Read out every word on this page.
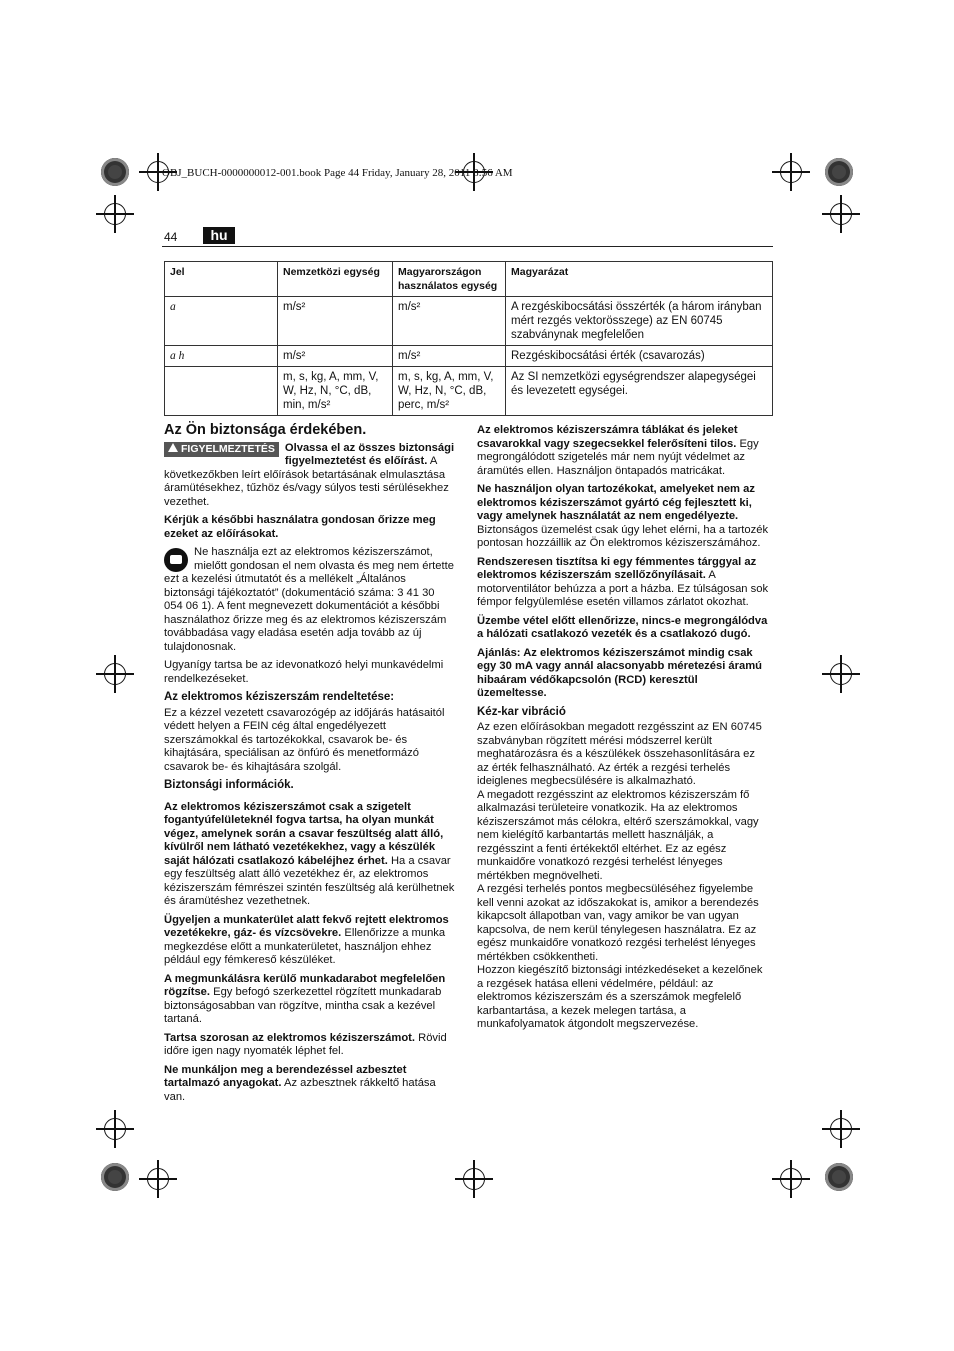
OBJ_BUCH-0000000012-001.book Page 44 Friday, January 28, 2011 8:56 AM
44	hu
Jel	Nemzetközi egység	Magyarországon használatos egység	Magyarázat
a	m/s²	m/s²	A rezgéskibocsátási összérték (a három irányban mért rezgés vektorösszege) az EN 60745 szabványnak megfelelően
a h	m/s²	m/s²	Rezgéskibocsátási érték (csavarozás)
	m, s, kg, A, mm, V, W, Hz, N, °C, dB, min, m/s²	m, s, kg, A, mm, V, W, Hz, N, °C, dB, perc, m/s²	Az SI nemzetközi egységrendszer alapegységei és levezetett egységei.
Az Ön biztonsága érdekében.

FIGYELMEZTETÉS Olvassa el az összes biztonsági figyelmeztetést és előírást. A következőkben leírt előírások betartásának elmulasztása áramütésekhez, tűzhöz és/vagy súlyos testi sérülésekhez vezethet.

Kérjük a későbbi használatra gondosan őrizze meg ezeket az előírásokat.

Ne használja ezt az elektromos kéziszerszámot, mielőtt gondosan el nem olvasta és meg nem értette ezt a kezelési útmutatót és a mellékelt „Általános biztonsági tájékoztatót” (dokumentáció száma: 3 41 30 054 06 1). A fent megnevezett dokumentációt a későbbi használathoz őrizze meg és az elektromos kéziszerszám továbbadása vagy eladása esetén adja tovább az új tulajdonosnak.

Ugyanígy tartsa be az idevonatkozó helyi munkavédelmi rendelkezéseket.

Az elektromos kéziszerszám rendeltetése:

Ez a kézzel vezetett csavarozógép az időjárás hatásaitól védett helyen a FEIN cég által engedélyezett szerszámokkal és tartozékokkal, csavarok be- és kihajtására, speciálisan az önfúró és menetformázó csavarok be- és kihajtására szolgál.

Biztonsági információk.

Az elektromos kéziszerszámot csak a szigetelt fogantyúfelületeknél fogva tartsa, ha olyan munkát végez, amelynek során a csavar feszültség alatt álló, kívülről nem látható vezetékekhez, vagy a készülék saját hálózati csatlakozó kábeléjhez érhet. Ha a csavar egy feszültség alatt álló vezetékhez ér, az elektromos kéziszerszám fémrészei szintén feszültség alá kerülhetnek és áramütéshez vezethetnek.

Ügyeljen a munkaterület alatt fekvő rejtett elektromos vezetékekre, gáz- és vízcsövekre. Ellenőrizze a munka megkezdése előtt a munkaterületet, használjon ehhez például egy fémkereső készüléket.

A megmunkálásra kerülő munkadarabot megfelelően rögzítse. Egy befogó szerkezettel rögzített munkadarab biztonságosabban van rögzítve, mintha csak a kezével tartaná.

Tartsa szorosan az elektromos kéziszerszámot. Rövid időre igen nagy nyomaték léphet fel.

Ne munkáljon meg a berendezéssel azbesztet tartalmazó anyagokat. Az azbesztnek rákkeltő hatása van.

Az elektromos kéziszerszámra táblákat és jeleket csavarokkal vagy szegecsekkel felerősíteni tilos. Egy megrongálódott szigetelés már nem nyújt védelmet az áramütés ellen. Használjon öntapadós matricákat.

Ne használjon olyan tartozékokat, amelyeket nem az elektromos kéziszerszámot gyártó cég fejlesztett ki, vagy amelynek használatát az nem engedélyezte. Biztonságos üzemelést csak úgy lehet elérni, ha a tartozék pontosan hozzáillik az Ön elektromos kéziszerszámához.

Rendszeresen tisztítsa ki egy fémmentes tárggyal az elektromos kéziszerszám szellőzőnyílásait. A motorventilátor behúzza a port a házba. Ez túlságosan sok fémpor felgyülemlése esetén villamos zárlatot okozhat.

Üzembe vétel előtt ellenőrizze, nincs-e megrongálódva a hálózati csatlakozó vezeték és a csatlakozó dugó.

Ajánlás: Az elektromos kéziszerszámot mindig csak egy 30 mA vagy annál alacsonyabb méretezési áramú hibaáram védőkapcsolón (RCD) keresztül üzemeltesse.

Kéz-kar vibráció

Az ezen előírásokban megadott rezgésszint az EN 60745 szabványban rögzített mérési módszerrel került meghatározásra és a készülékek összehasonlítására ez az érték felhasználható. Az érték a rezgési terhelés ideiglenes megbecsülésére is alkalmazható.

A megadott rezgésszint az elektromos kéziszerszám fő alkalmazási területeire vonatkozik. Ha az elektromos kéziszerszámot más célokra, eltérő szerszámokkal, vagy nem kielégítő karbantartás mellett használják, a rezgésszint a fenti értékektől eltérhet. Ez az egész munkaidőre vonatkozó rezgési terhelést lényeges mértékben megnövelheti.

A rezgési terhelés pontos megbecsüléséhez figyelembe kell venni azokat az időszakokat is, amikor a berendezés kikapcsolt állapotban van, vagy amikor be van ugyan kapcsolva, de nem kerül ténylegesen használatra. Ez az egész munkaidőre vonatkozó rezgési terhelést lényeges mértékben csökkentheti.

Hozzon kiegészítő biztonsági intézkedéseket a kezelőnek a rezgések hatása elleni védelmére, például: az elektromos kéziszerszám és a szerszámok megfelelő karbantartása, a kezek melegen tartása, a munkafolyamatok átgondolt megszervezése.
